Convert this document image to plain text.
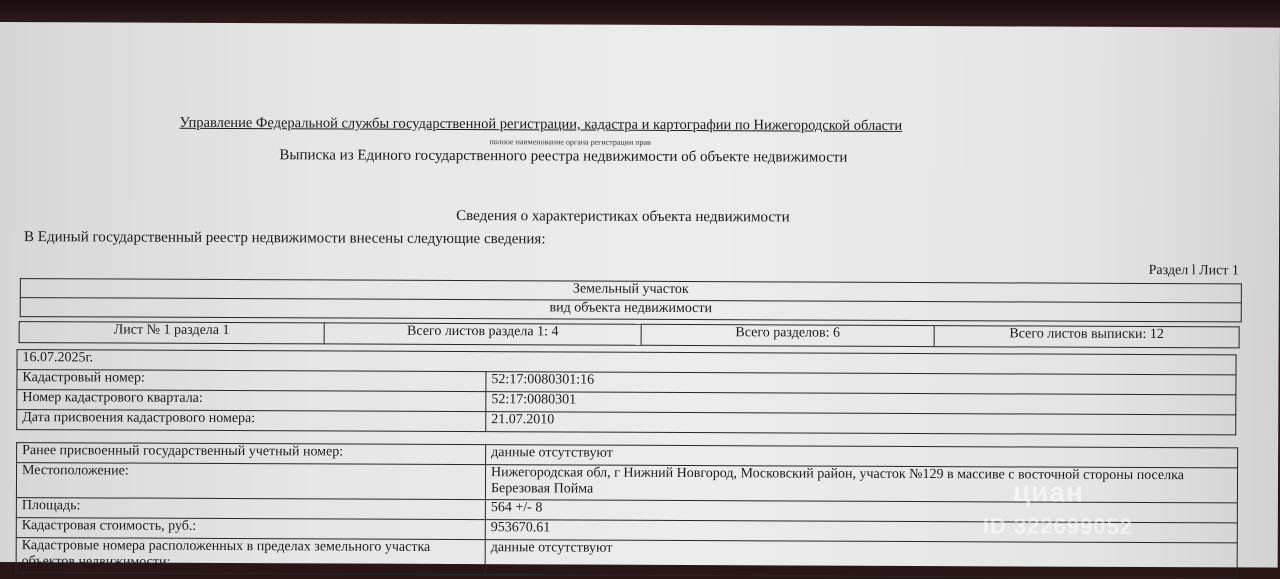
Управление Федеральной службы государственной регистрации, кадастра и картографии по Нижегородской области
полное наименование органа регистрации прав
Выписка из Единого государственного реестра недвижимости об объекте недвижимости
Сведения о характеристиках объекта недвижимости
В Единый государственный реестр недвижимости внесены следующие сведения:
Раздел l Лист 1
Земельный участок
вид объекта недвижимости
Лист № 1 раздела 1	Всего листов раздела 1: 4	Всего разделов: 6	Всего листов выписки: 12
16.07.2025г.	
Кадастровый номер:	52:17:0080301:16
Номер кадастрового квартала:	52:17:0080301
Дата присвоения кадастрового номера:	21.07.2010
Ранее присвоенный государственный учетный номер:	данные отсутствуют
Местоположение:	Нижегородская обл, г Нижний Новгород, Московский район, участок №129 в массиве с восточной стороны поселка Березовая Пойма
Площадь:	564 +/- 8
Кадастровая стоимость, руб.:	953670.61
Кадастровые номера расположенных в пределах земельного участка объектов недвижимости:	данные отсутствуют
циан
ID 322699052
